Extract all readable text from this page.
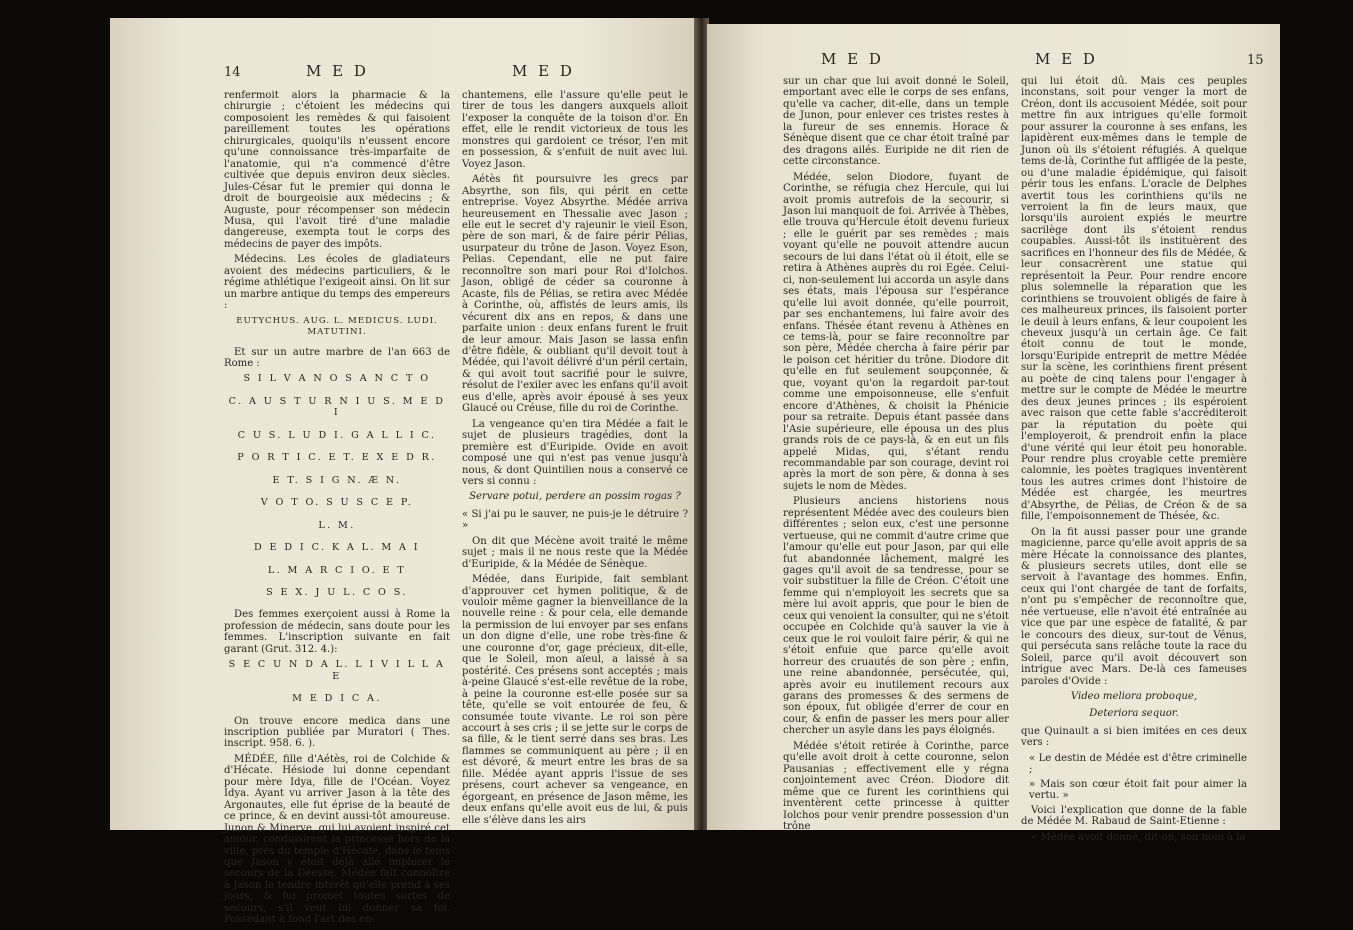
14	M E D	M E D

renfermoit alors la pharmacie & la chirurgie ; c'étoient les médecins qui composoient les remèdes & qui faisoient pareillement toutes les opérations chirurgicales, quoiqu'ils n'eussent encore qu'une connoissance très-imparfaite de l'anatomie, qui n'a commencé d'être cultivée que depuis environ deux siècles. Jules-César fut le premier qui donna le droit de bourgeoisie aux médecins ; & Auguste, pour récompenser son médecin Musa, qui l'avoit tiré d'une maladie dangereuse, exempta tout le corps des médecins de payer des impôts.

Médecins. Les écoles de gladiateurs avoient des médecins particuliers, & le régime athlétique l'exigeoit ainsi. On lit sur un marbre antique du temps des empereurs :

EUTYCHUS. AUG. L. MEDICUS. LUDI. MATUTINI.

Et sur un autre marbre de l'an 663 de Rome :

S I L V A N O S A N C T O

C. A U S T U R N I U S. M E D I

C U S. L U D I. G A L L I C.

P O R T I C. E T. E X E D R.

E T. S I G N. Æ N.

V O T O. S U S C E P.

L. M.

D E D I C. K A L. M A I

L. M A R C I O. E T

S E X. J U L. C O S.

Des femmes exerçoient aussi à Rome la profession de médecin, sans doute pour les femmes. L'inscription suivante en fait garant (Grut. 312. 4.):

S E C U N D A L. L I V I L L A E

M E D I C A.

On trouve encore medica dans une inscription publiée par Muratori ( Thes. inscript. 958. 6. ).

MÉDÉE, fille d'Aétès, roi de Colchide & d'Hécate. Hésiode lui donne cependant pour mère Idya, fille de l'Océan. Voyez Idya. Ayant vu arriver Jason à la tête des Argonautes, elle fut éprise de la beauté de ce prince, & en devint aussi-tôt amoureuse. Junon & Minerve, qui lui avoient inspiré cet amour, conduisirent la princesse hors de la ville, près du temple d'Hécate, dans le tems que Jason y étoit déjà allé implorer le secours de la Déesse. Médée fait connoître à Jason le tendre intérêt qu'elle prend à ses jours, & lui promet toutes sortes de secours, s'il veut lui donner sa foi. Possédant à fond l'art des en-

chantemens, elle l'assure qu'elle peut le tirer de tous les dangers auxquels alloit l'exposer la conquête de la toison d'or. En effet, elle le rendit victorieux de tous les monstres qui gardoient ce trésor, l'en mit en possession, & s'enfuit de nuit avec lui. Voyez Jason.

Aétès fit poursuivre les grecs par Absyrthe, son fils, qui périt en cette entreprise. Voyez Absyrthe. Médée arriva heureusement en Thessalie avec Jason ; elle eut le secret d'y rajeunir le vieil Eson, père de son mari, & de faire périr Pélias, usurpateur du trône de Jason. Voyez Eson, Pelias. Cependant, elle ne put faire reconnoître son mari pour Roi d'Iolchos. Jason, obligé de céder sa couronne à Acaste, fils de Pélias, se retira avec Médée à Corinthe, où, affistés de leurs amis, ils vécurent dix ans en repos, & dans une parfaite union : deux enfans furent le fruit de leur amour. Mais Jason se lassa enfin d'être fidèle, & oubliant qu'il devoit tout à Médée, qui l'avoit délivré d'un péril certain, & qui avoit tout sacrifié pour le suivre, résolut de l'exiler avec les enfans qu'il avoit eus d'elle, après avoir épousé à ses yeux Glaucé ou Créuse, fille du roi de Corinthe.

La vengeance qu'en tira Médée a fait le sujet de plusieurs tragédies, dont la première est d'Euripide. Ovide en avoit composé une qui n'est pas venue jusqu'à nous, & dont Quintilien nous a conservé ce vers si connu :

Servare potui, perdere an possim rogas ?

« Si j'ai pu le sauver, ne puis-je le détruire ? »

On dit que Mécène avoit traité le même sujet ; mais il ne nous reste que la Médée d'Euripide, & la Médée de Sénèque.

Médée, dans Euripide, fait semblant d'approuver cet hymen politique, & de vouloir même gagner la bienveillance de la nouvelle reine : & pour cela, elle demande la permission de lui envoyer par ses enfans un don digne d'elle, une robe très-fine & une couronne d'or, gage précieux, dit-elle, que le Soleil, mon aïeul, a laissé à sa postérité. Ces présens sont acceptés ; mais à-peine Glaucé s'est-elle revêtue de la robe, à peine la couronne est-elle posée sur sa tête, qu'elle se voit entourée de feu, & consumée toute vivante. Le roi son père accourt à ses cris ; il se jette sur le corps de sa fille, & le tient serré dans ses bras. Les flammes se communiquent au père ; il en est dévoré, & meurt entre les bras de sa fille. Médée ayant appris l'issue de ses présens, court achever sa vengeance, en égorgeant, en présence de Jason même, les deux enfans qu'elle avoit eus de lui, & puis elle s'élève dans les airs

M E D	M E D	15

sur un char que lui avoit donné le Soleil, emportant avec elle le corps de ses enfans, qu'elle va cacher, dit-elle, dans un temple de Junon, pour enlever ces tristes restes à la fureur de ses ennemis. Horace & Sénèque disent que ce char étoit traîné par des dragons ailés. Euripide ne dit rien de cette circonstance.

Médée, selon Diodore, fuyant de Corinthe, se réfugia chez Hercule, qui lui avoit promis autrefois de la secourir, si Jason lui manquoit de foi. Arrivée à Thèbes, elle trouva qu'Hercule étoit devenu furieux ; elle le guérit par ses remèdes ; mais voyant qu'elle ne pouvoit attendre aucun secours de lui dans l'état où il étoit, elle se retira à Athènes auprès du roi Egée. Celui-ci, non-seulement lui accorda un asyle dans ses états, mais l'épousa sur l'espérance qu'elle lui avoit donnée, qu'elle pourroit, par ses enchantemens, lui faire avoir des enfans. Thésée étant revenu à Athènes en ce tems-là, pour se faire reconnoître par son père, Médée chercha à faire périr par le poison cet héritier du trône. Diodore dit qu'elle en fut seulement soupçonnée, & que, voyant qu'on la regardoit par-tout comme une empoisonneuse, elle s'enfuit encore d'Athènes, & choisit la Phénicie pour sa retraite. Depuis étant passée dans l'Asie supérieure, elle épousa un des plus grands rois de ce pays-là, & en eut un fils appelé Midas, qui, s'étant rendu recommandable par son courage, devint roi après la mort de son père, & donna à ses sujets le nom de Mèdes.

Plusieurs anciens historiens nous représentent Médée avec des couleurs bien différentes ; selon eux, c'est une personne vertueuse, qui ne commit d'autre crime que l'amour qu'elle eut pour Jason, par qui elle fut abandonnée lâchement, malgré les gages qu'il avoit de sa tendresse, pour se voir substituer la fille de Créon. C'étoit une femme qui n'employoit les secrets que sa mère lui avoit appris, que pour le bien de ceux qui venoient la consulter, qui ne s'étoit occupée en Colchide qu'à sauver la vie à ceux que le roi vouloit faire périr, & qui ne s'étoit enfuie que parce qu'elle avoit horreur des cruautés de son père ; enfin, une reine abandonnée, persécutée, qui, après avoir eu inutilement recours aux garans des promesses & des sermens de son époux, fut obligée d'errer de cour en cour, & enfin de passer les mers pour aller chercher un asyle dans les pays éloignés.

Médée s'étoit retirée à Corinthe, parce qu'elle avoit droit à cette couronne, selon Pausanias ; effectivement elle y régna conjointement avec Créon. Diodore dit même que ce furent les corinthiens qui inventèrent cette princesse à quitter Iolchos pour venir prendre possession d'un trône

qui lui étoit dû. Mais ces peuples inconstans, soit pour venger la mort de Créon, dont ils accusoient Médée, soit pour mettre fin aux intrigues qu'elle formoit pour assurer la couronne à ses enfans, les lapidèrent eux-mêmes dans le temple de Junon où ils s'étoient réfugiés. A quelque tems de-là, Corinthe fut affligée de la peste, ou d'une maladie épidémique, qui faisoit périr tous les enfans. L'oracle de Delphes avertit tous les corinthiens qu'ils ne verroient la fin de leurs maux, que lorsqu'ils auroient expiés le meurtre sacrilège dont ils s'étoient rendus coupables. Aussi-tôt ils instituèrent des sacrifices en l'honneur des fils de Médée, & leur consacrèrent une statue qui représentoit la Peur. Pour rendre encore plus solemnelle la réparation que les corinthiens se trouvoient obligés de faire à ces malheureux princes, ils faisoient porter le deuil à leurs enfans, & leur coupoient les cheveux jusqu'à un certain âge. Ce fait étoit connu de tout le monde, lorsqu'Euripide entreprit de mettre Médée sur la scène, les corinthiens firent présent au poète de cinq talens pour l'engager à mettre sur le compte de Médée le meurtre des deux jeunes princes ; ils espéroient avec raison que cette fable s'accréditeroit par la réputation du poète qui l'employeroit, & prendroit enfin la place d'une vérité qui leur étoit peu honorable. Pour rendre plus croyable cette première calomnie, les poètes tragiques inventèrent tous les autres crimes dont l'histoire de Médée est chargée, les meurtres d'Absyrthe, de Pélias, de Créon & de sa fille, l'empoisonnement de Thésée, &c.

On la fit aussi passer pour une grande magicienne, parce qu'elle avoit appris de sa mère Hécate la connoissance des plantes, & plusieurs secrets utiles, dont elle se servoit à l'avantage des hommes. Enfin, ceux qui l'ont chargée de tant de forfaits, n'ont pu s'empêcher de reconnoître que, née vertueuse, elle n'avoit été entraînée au vice que par une espèce de fatalité, & par le concours des dieux, sur-tout de Vénus, qui persécuta sans relâche toute la race du Soleil, parce qu'il avoit découvert son intrigue avec Mars. De-là ces fameuses paroles d'Ovide :

Video meliora proboque,

Deteriora sequor.

que Quinault a si bien imitées en ces deux vers :

« Le destin de Médée est d'être criminelle ;

» Mais son cœur étoit fait pour aimer la vertu. »

Voici l'explication que donne de la fable de Médée M. Rabaud de Saint-Etienne :

« Médée avoit donné, dit-on, son nom à la
